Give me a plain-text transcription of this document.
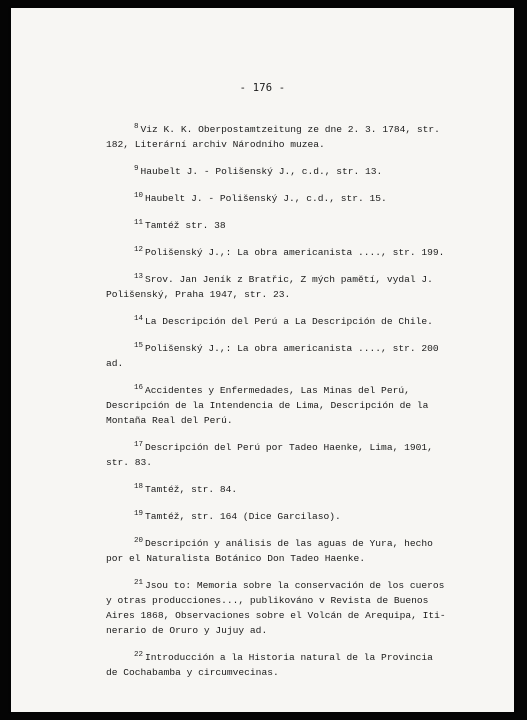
- 176 -
$^8$ Viz K. K. Oberpostamtzeitung ze dne 2. 3. 1784, str.
182, Literární archiv Národního muzea.
$^9$ Haubelt J. - Polišenský J., c.d., str. 13.
$^{10}$ Haubelt J. - Polišenský J., c.d., str. 15.
$^{11}$ Tamtéž str. 38
$^{12}$ Polišenský J.,: La obra americanista ...., str. 199.
$^{13}$ Srov. Jan Jeník z Bratřic, Z mých pamětí, vydal J.
Polišenský, Praha 1947, str. 23.
$^{14}$ La Descripción del Perú a La Descripción de Chile.
$^{15}$ Polišenský J.,: La obra americanista ...., str. 200
ad.
$^{16}$ Accidentes y Enfermedades, Las Minas del Perú,
Descripción de la Intendencia de Lima, Descripción de la
Montaña Real del Perú.
$^{17}$ Descripción del Perú por Tadeo Haenke, Lima, 1901,
str. 83.
$^{18}$ Tamtéž, str. 84.
$^{19}$ Tamtéž, str. 164 (Dice Garcilaso).
$^{20}$ Descripción y análisis de las aguas de Yura, hecho
por el Naturalista Botánico Don Tadeo Haenke.
$^{21}$ Jsou to: Memoria sobre la conservación de los cueros
y otras producciones..., publikováno v Revista de Buenos
Aires 1868, Observaciones sobre el Volcán de Arequipa, Iti-
nerario de Oruro y Jujuy ad.
$^{22}$ Introducción a la Historia natural de la Provincia
de Cochabamba y circumvecinas.
